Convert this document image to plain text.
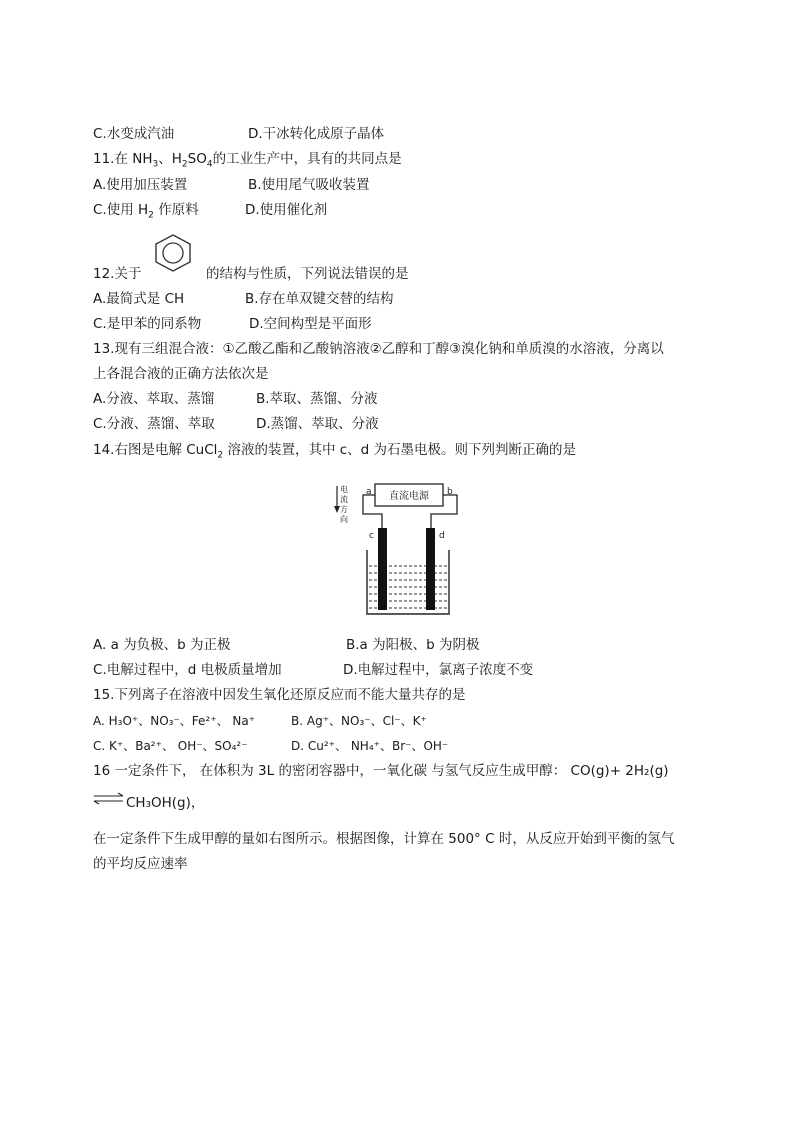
C.水变成汽油	D.干冰转化成原子晶体
11.在 $NH_3$、$H_2SO_4$的工业生产中，具有的共同点是
A.使用加压装置	B.使用尾气吸收装置
C.使用 $H_2$ 作原料	D.使用催化剂
12.关于	的结构与性质，下列说法错误的是
A.最简式是 CH	B.存在单双键交替的结构
C.是甲苯的同系物	D.空间构型是平面形
13.现有三组混合液：①乙酸乙酯和乙酸钠溶液②乙醇和丁醇③溴化钠和单质溴的水溶液，分离以
上各混合液的正确方法依次是
A.分液、萃取、蒸馏	B.萃取、蒸馏、分液
C.分液、蒸馏、萃取	D.蒸馏、萃取、分液
14.右图是电解 CuCl$_2$ 溶液的装置，其中 c、d 为石墨电极。则下列判断正确的是
电
流
方
向
直流电源
a	b
c	d
A. a 为负极、b 为正极	B.a 为阳极、b 为阴极
C.电解过程中，d 电极质量增加	D.电解过程中，氯离子浓度不变
15.下列离子在溶液中因发生氧化还原反应而不能大量共存的是
A. H₃O⁺、NO₃⁻、Fe²⁺、 Na⁺	B. Ag⁺、NO₃⁻、Cl⁻、K⁺
C. K⁺、Ba²⁺、 OH⁻、SO₄²⁻	D. Cu²⁺、 NH₄⁺、Br⁻、OH⁻
16 一定条件下， 在体积为 3L 的密闭容器中，一氧化碳 与氢气反应生成甲醇： CO(g)+ 2H₂(g)
⇌ CH₃OH(g)，
在一定条件下生成甲醇的量如右图所示。根据图像，计算在 500° C 时，从反应开始到平衡的氢气
的平均反应速率
